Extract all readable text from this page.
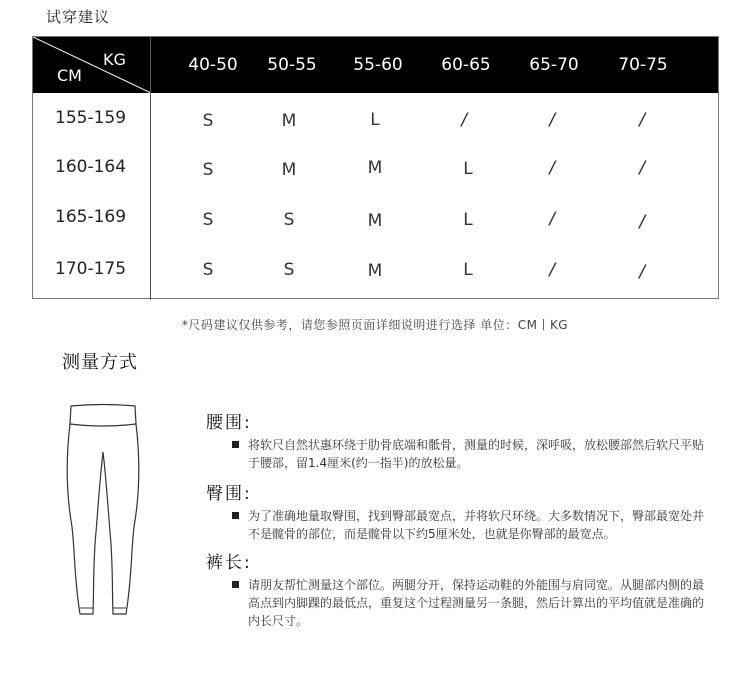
试穿建议
CM
KG	40-50 50-55 55-60 60-65 65-70 70-75
155-159	S	M	L	/	/	/
160-164	S	M	M	L	/	/
165-169	S	S	M	L	/	/
170-175	S	S	M	L	/	/
*尺码建议仅供参考，请您参照页面详细说明进行选择 单位：CM丨KG
测量方式
腰围:
将软尺自然状惠环绕于肋骨底端和骶骨，测量的时候，深呼吸，放松腰部然后软尺平贴于腰部，留1.4厘米(约一指半)的放松量。
臀围:
为了准确地量取臀围，找到臀部最宽点，并将软尺环绕。大多数情况下，臀部最宽处并不是髋骨的部位，而是髋骨以下约5厘米处，也就是你臀部的最宽点。
裤长:
请朋友帮忙测量这个部位。两腿分开，保持运动鞋的外能围与肩同宽。从腿部内侧的最高点到内脚踝的最低点，重复这个过程测量另一条腿，然后计算出的平均值就是准确的内长尺寸。
